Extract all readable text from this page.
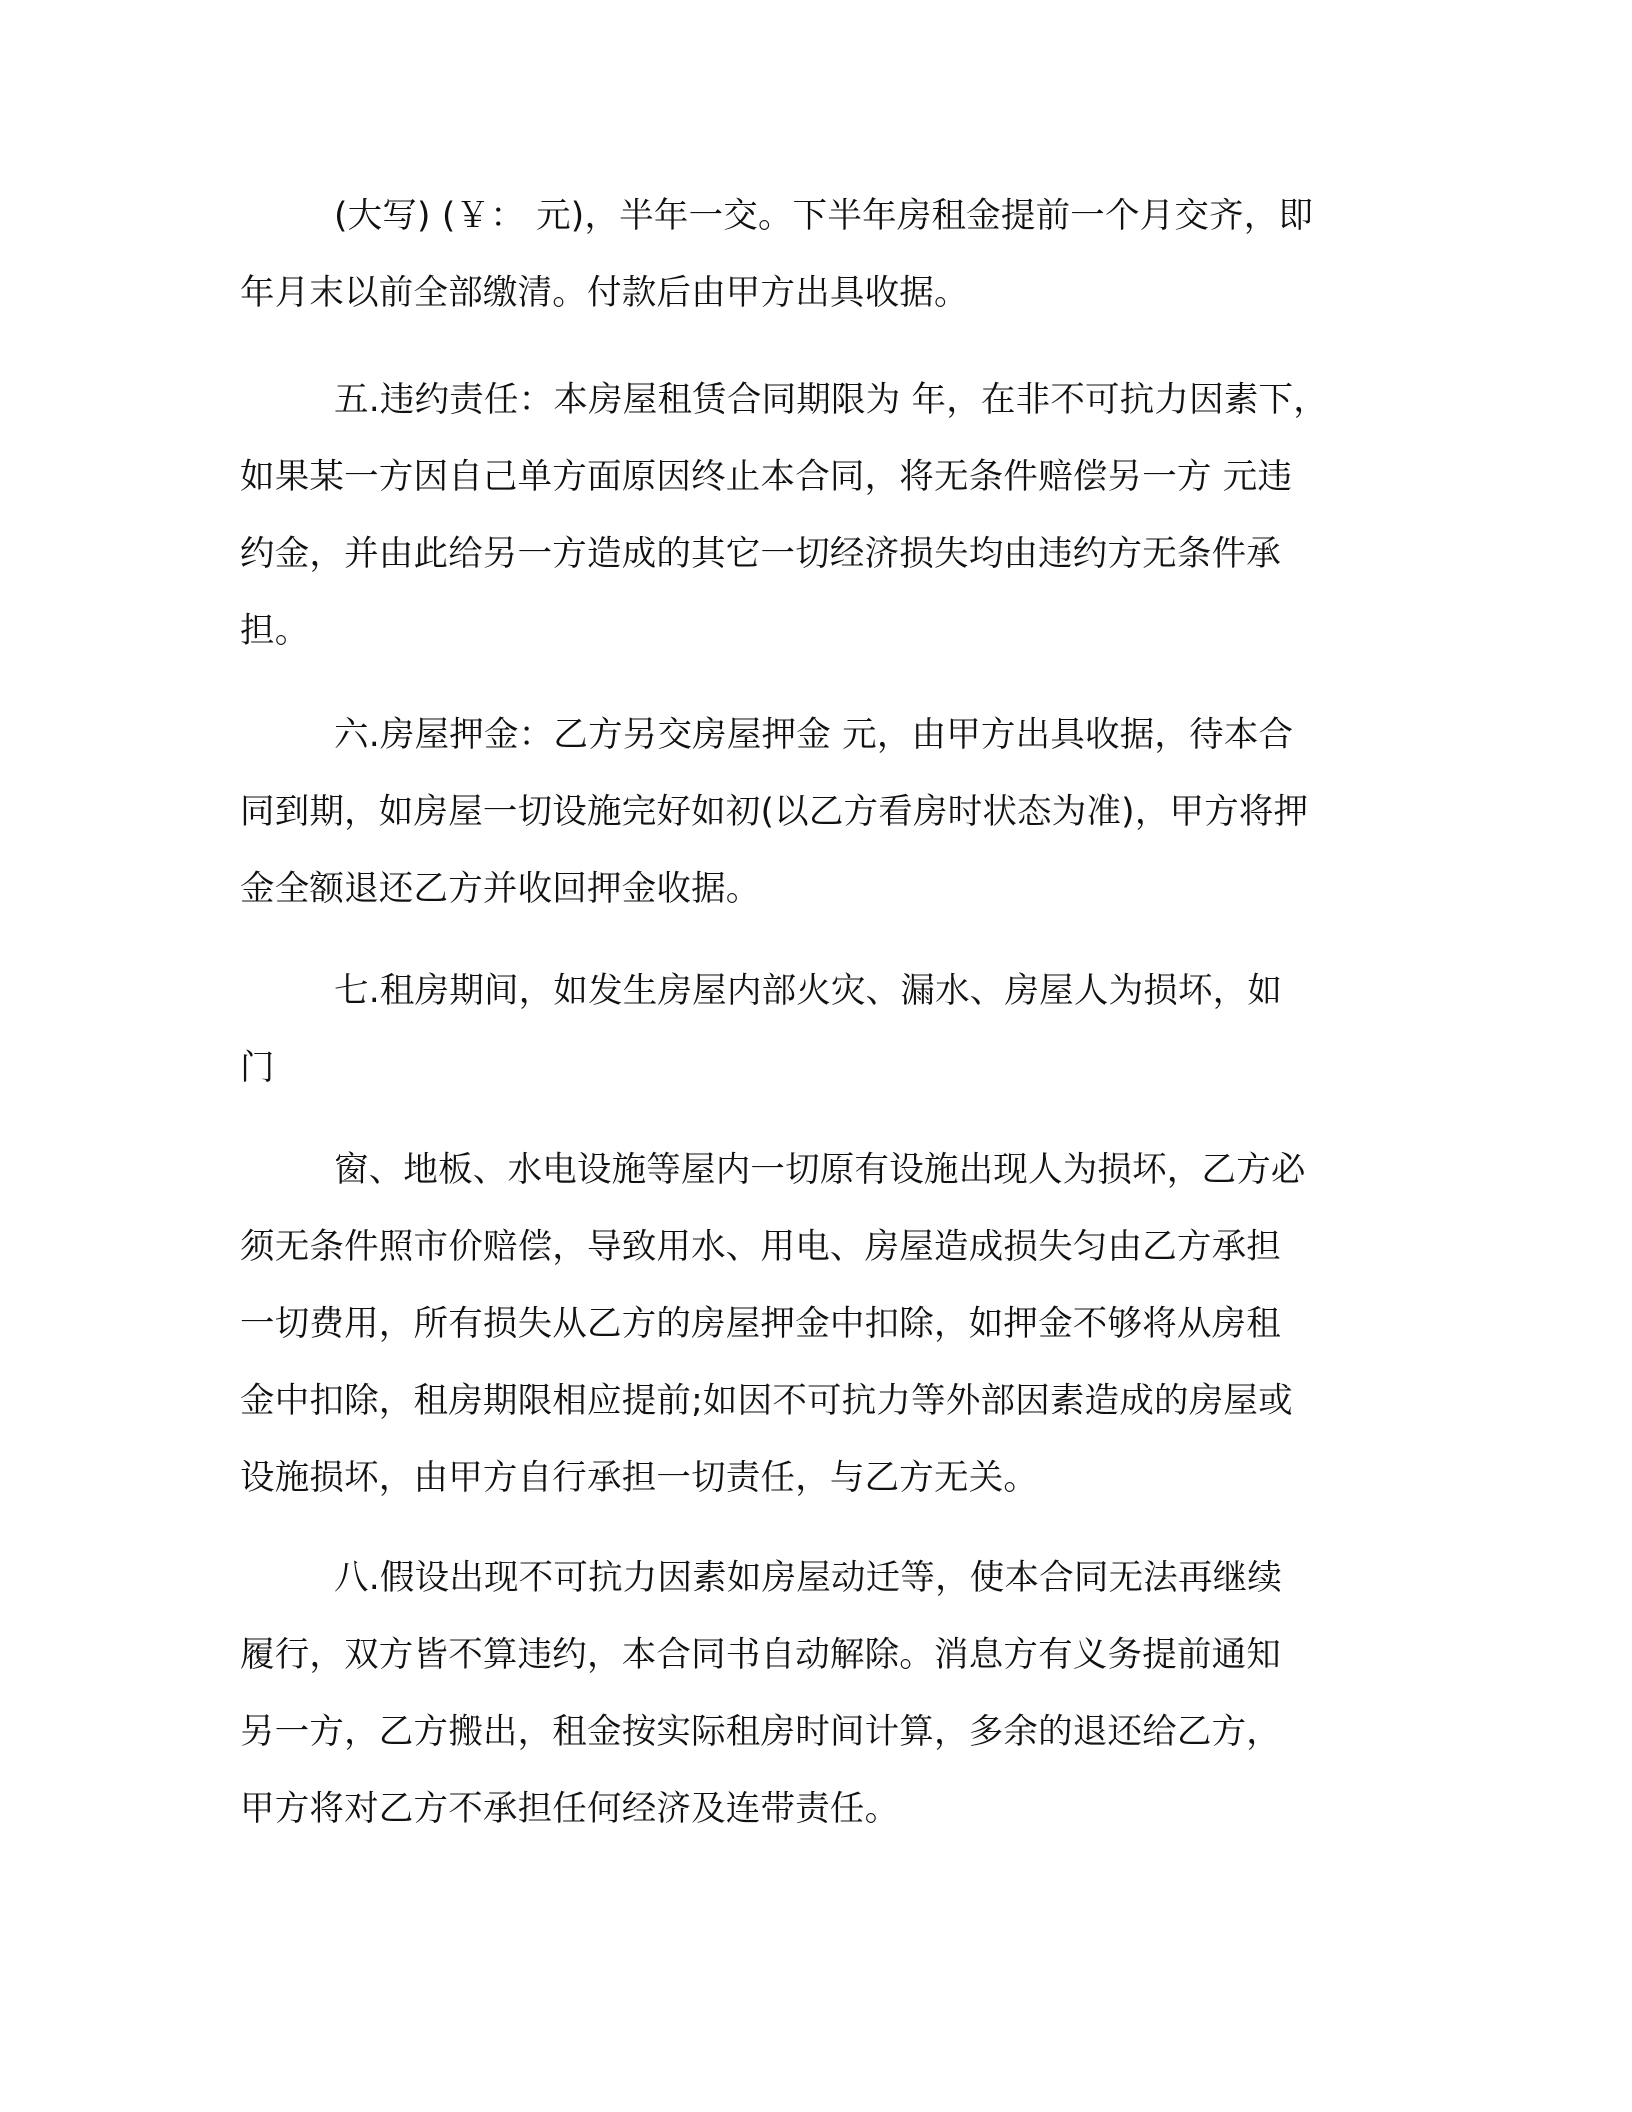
(大写) (￥： 元)，半年一交。下半年房租金提前一个月交齐，即
年月末以前全部缴清。付款后由甲方出具收据。
五.违约责任：本房屋租赁合同期限为 年，在非不可抗力因素下，
如果某一方因自己单方面原因终止本合同，将无条件赔偿另一方 元违
约金，并由此给另一方造成的其它一切经济损失均由违约方无条件承
担。
六.房屋押金：乙方另交房屋押金 元，由甲方出具收据，待本合
同到期，如房屋一切设施完好如初(以乙方看房时状态为准)，甲方将押
金全额退还乙方并收回押金收据。
七.租房期间，如发生房屋内部火灾、漏水、房屋人为损坏，如
门
窗、地板、水电设施等屋内一切原有设施出现人为损坏，乙方必
须无条件照市价赔偿，导致用水、用电、房屋造成损失匀由乙方承担
一切费用，所有损失从乙方的房屋押金中扣除，如押金不够将从房租
金中扣除，租房期限相应提前;如因不可抗力等外部因素造成的房屋或
设施损坏，由甲方自行承担一切责任，与乙方无关。
八.假设出现不可抗力因素如房屋动迁等，使本合同无法再继续
履行，双方皆不算违约，本合同书自动解除。消息方有义务提前通知
另一方，乙方搬出，租金按实际租房时间计算，多余的退还给乙方，
甲方将对乙方不承担任何经济及连带责任。
